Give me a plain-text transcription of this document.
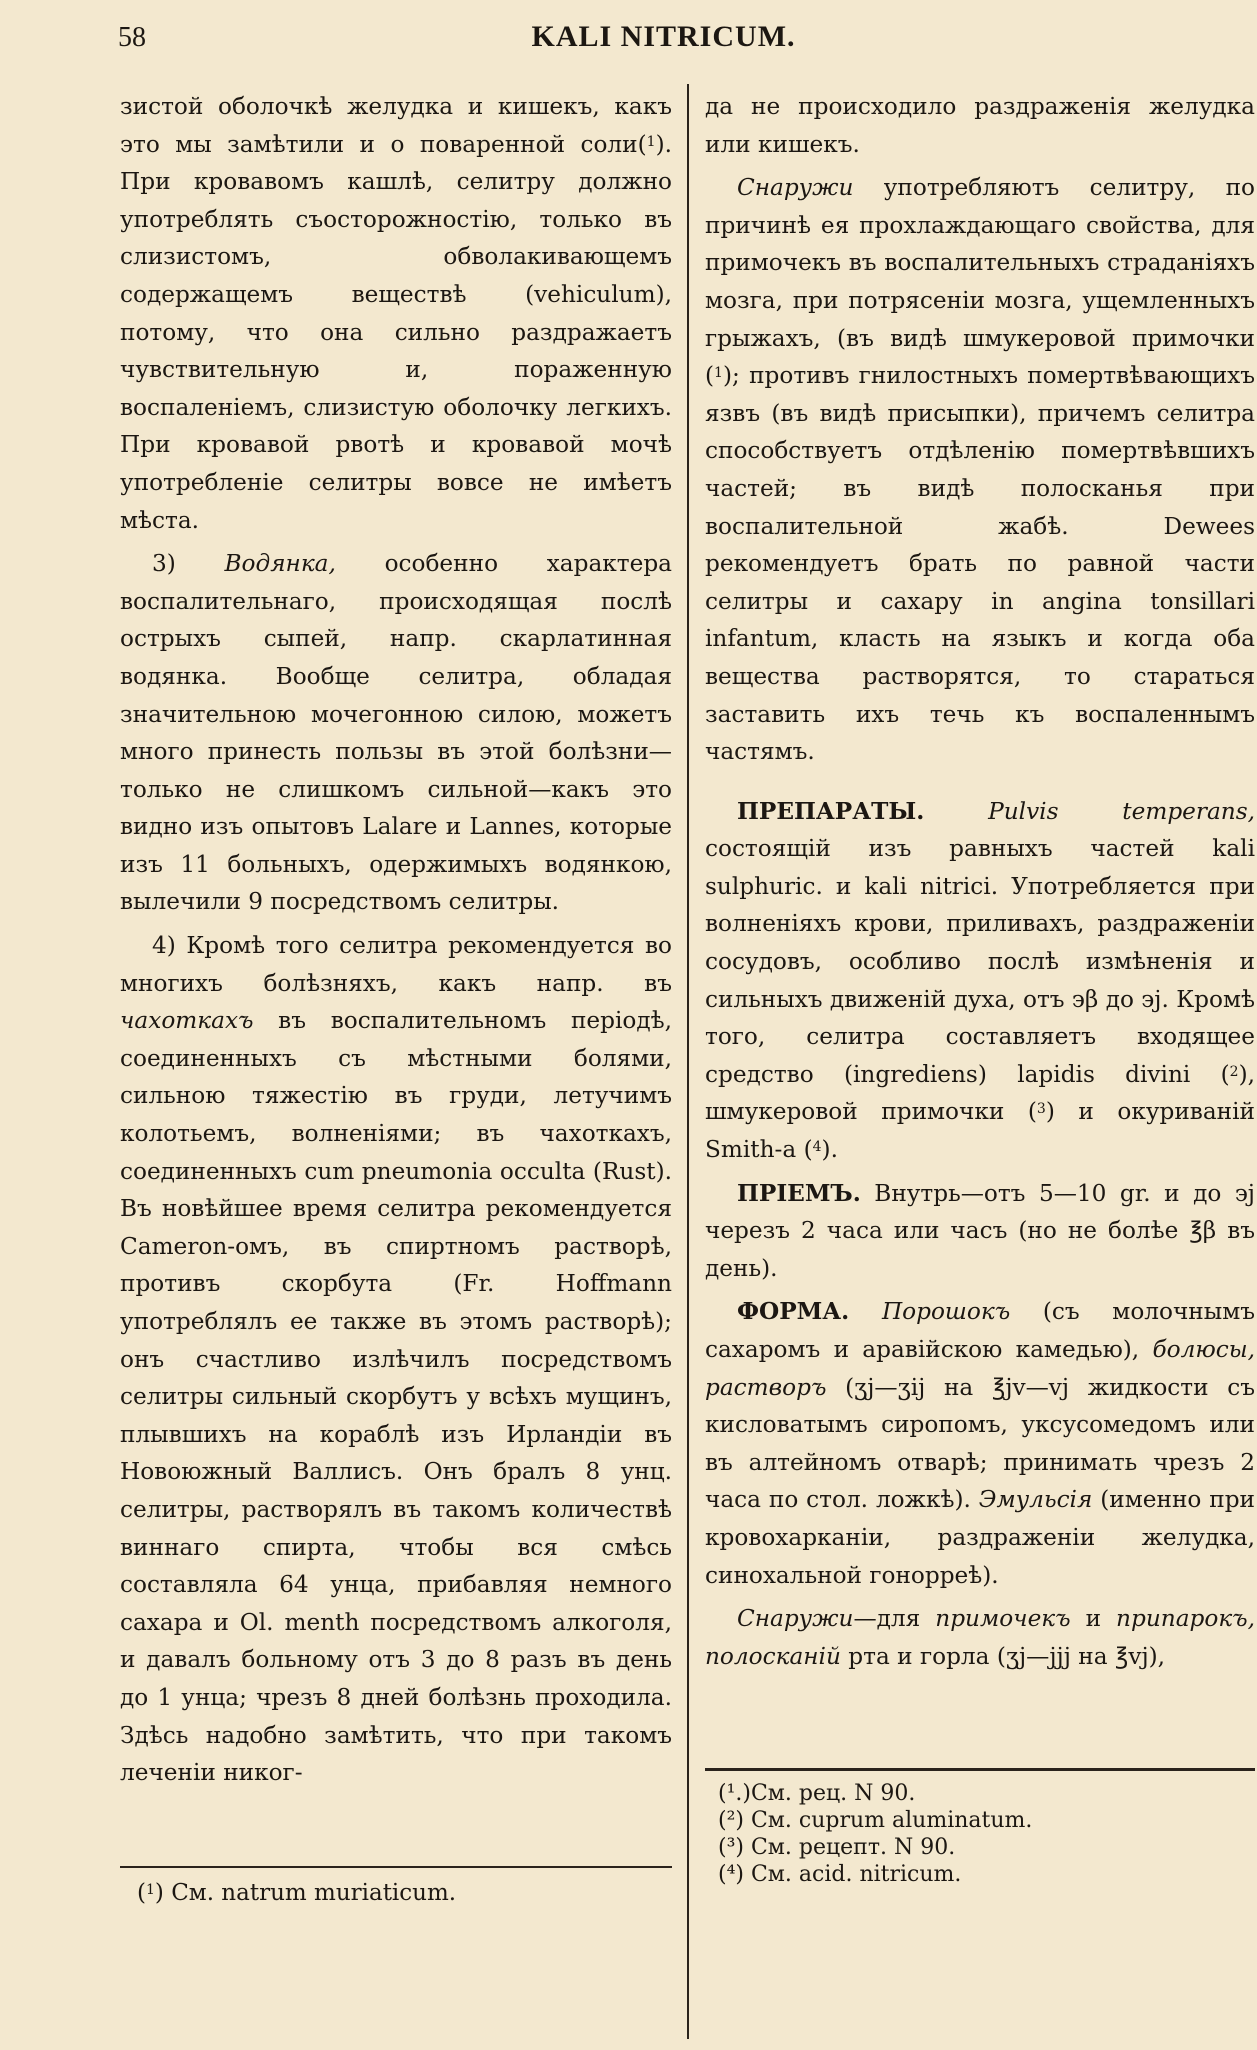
58	KALI NITRICUM.

зистой оболочкѣ желудка и кишекъ, какъ это мы замѣтили и о поваренной соли($^1$). При кровавомъ кашлѣ, селитру должно употреблять съосторожностію, только въ слизистомъ, обволакивающемъ содержащемъ веществѣ (vehiculum), потому, что она сильно раздражаетъ чувствительную и, пораженную воспаленіемъ, слизистую оболочку легкихъ. При кровавой рвотѣ и кровавой мочѣ употребленіе селитры вовсе не имѣетъ мѣста.

3) Водянка, особенно характера воспалительнаго, происходящая послѣ острыхъ сыпей, напр. скарлатинная водянка. Вообще селитра, обладая значительною мочегонною силою, можетъ много принесть пользы въ этой болѣзни—только не слишкомъ сильной—какъ это видно изъ опытовъ Lalare и Lannes, которые изъ 11 больныхъ, одержимыхъ водянкою, вылечили 9 посредствомъ селитры.

4) Кромѣ того селитра рекомендуется во многихъ болѣзняхъ, какъ напр. въ чахоткахъ въ воспалительномъ періодѣ, соединенныхъ съ мѣстными болями, сильною тяжестію въ груди, летучимъ колотьемъ, волненіями; въ чахоткахъ, соединенныхъ cum pneumonia occulta (Rust). Въ новѣйшее время селитра рекомендуется Cameron-омъ, въ спиртномъ растворѣ, противъ скорбута (Fr. Hoffmann употреблялъ ее также въ этомъ растворѣ); онъ счастливо излѣчилъ посредствомъ селитры сильный скорбутъ у всѣхъ мущинъ, плывшихъ на кораблѣ изъ Ирландіи въ Новоюжный Валлисъ. Онъ бралъ 8 унц. селитры, растворялъ въ такомъ количествѣ виннаго спирта, чтобы вся смѣсь составляла 64 унца, прибавляя немного сахара и Ol. menth посредствомъ алкоголя, и давалъ больному отъ 3 до 8 разъ въ день до 1 унца; чрезъ 8 дней болѣзнь проходила. Здѣсь надобно замѣтить, что при такомъ леченіи никог-

($^1$) См. natrum muriaticum.

да не происходило раздраженія желудка или кишекъ.

Снаружи употребляютъ селитру, по причинѣ ея прохлаждающаго свойства, для примочекъ въ воспалительныхъ страданіяхъ мозга, при потрясеніи мозга, ущемленныхъ грыжахъ, (въ видѣ шмукеровой примочки ($^1$); противъ гнилостныхъ помертвѣвающихъ язвъ (въ видѣ присыпки), причемъ селитра способствуетъ отдѣленію помертвѣвшихъ частей; въ видѣ полосканья при воспалительной жабѣ. Dewees рекомендуетъ брать по равной части селитры и сахару in angina tonsillari infantum, класть на языкъ и когда оба вещества растворятся, то стараться заставить ихъ течь къ воспаленнымъ частямъ.

ПРЕПАРАТЫ.	Pulvis temperans, состоящій изъ равныхъ частей kali sulphuric. и kali nitrici. Употребляется при волненіяхъ крови, приливахъ, раздраженіи сосудовъ, особливо послѣ измѣненія и сильныхъ движеній духа, отъ ϶β до ϶j. Кромѣ того, селитра составляетъ входящее средство (ingrediens) lapidis divini ($^2$), шмукеровой примочки ($^3$) и окуриваній Smith-а ($^4$).

ПРІЕМЪ. Внутрь—отъ 5—10 gr. и до ϶j черезъ 2 часа или часъ (но не болѣе ℥β въ день).

ФОРМА. Порошокъ (съ молочнымъ сахаромъ и аравійскою камедью), болюсы, растворъ (ʒj—ʒij на ℥jv—vj жидкости съ кисловатымъ сиропомъ, уксусомедомъ или въ алтейномъ отварѣ; принимать чрезъ 2 часа по стол. ложкѣ). Эмульсія (именно при кровохарканіи, раздраженіи желудка, синохальной гонорреѣ).

Снаружи—для примочекъ и припарокъ, полосканій рта и горла (ʒj—jjj на ℥vj),

(¹.)См. рец. N 90.
(²) См. cuprum aluminatum.
(³) См. рецепт. N 90.
(⁴) См. acid. nitricum.
